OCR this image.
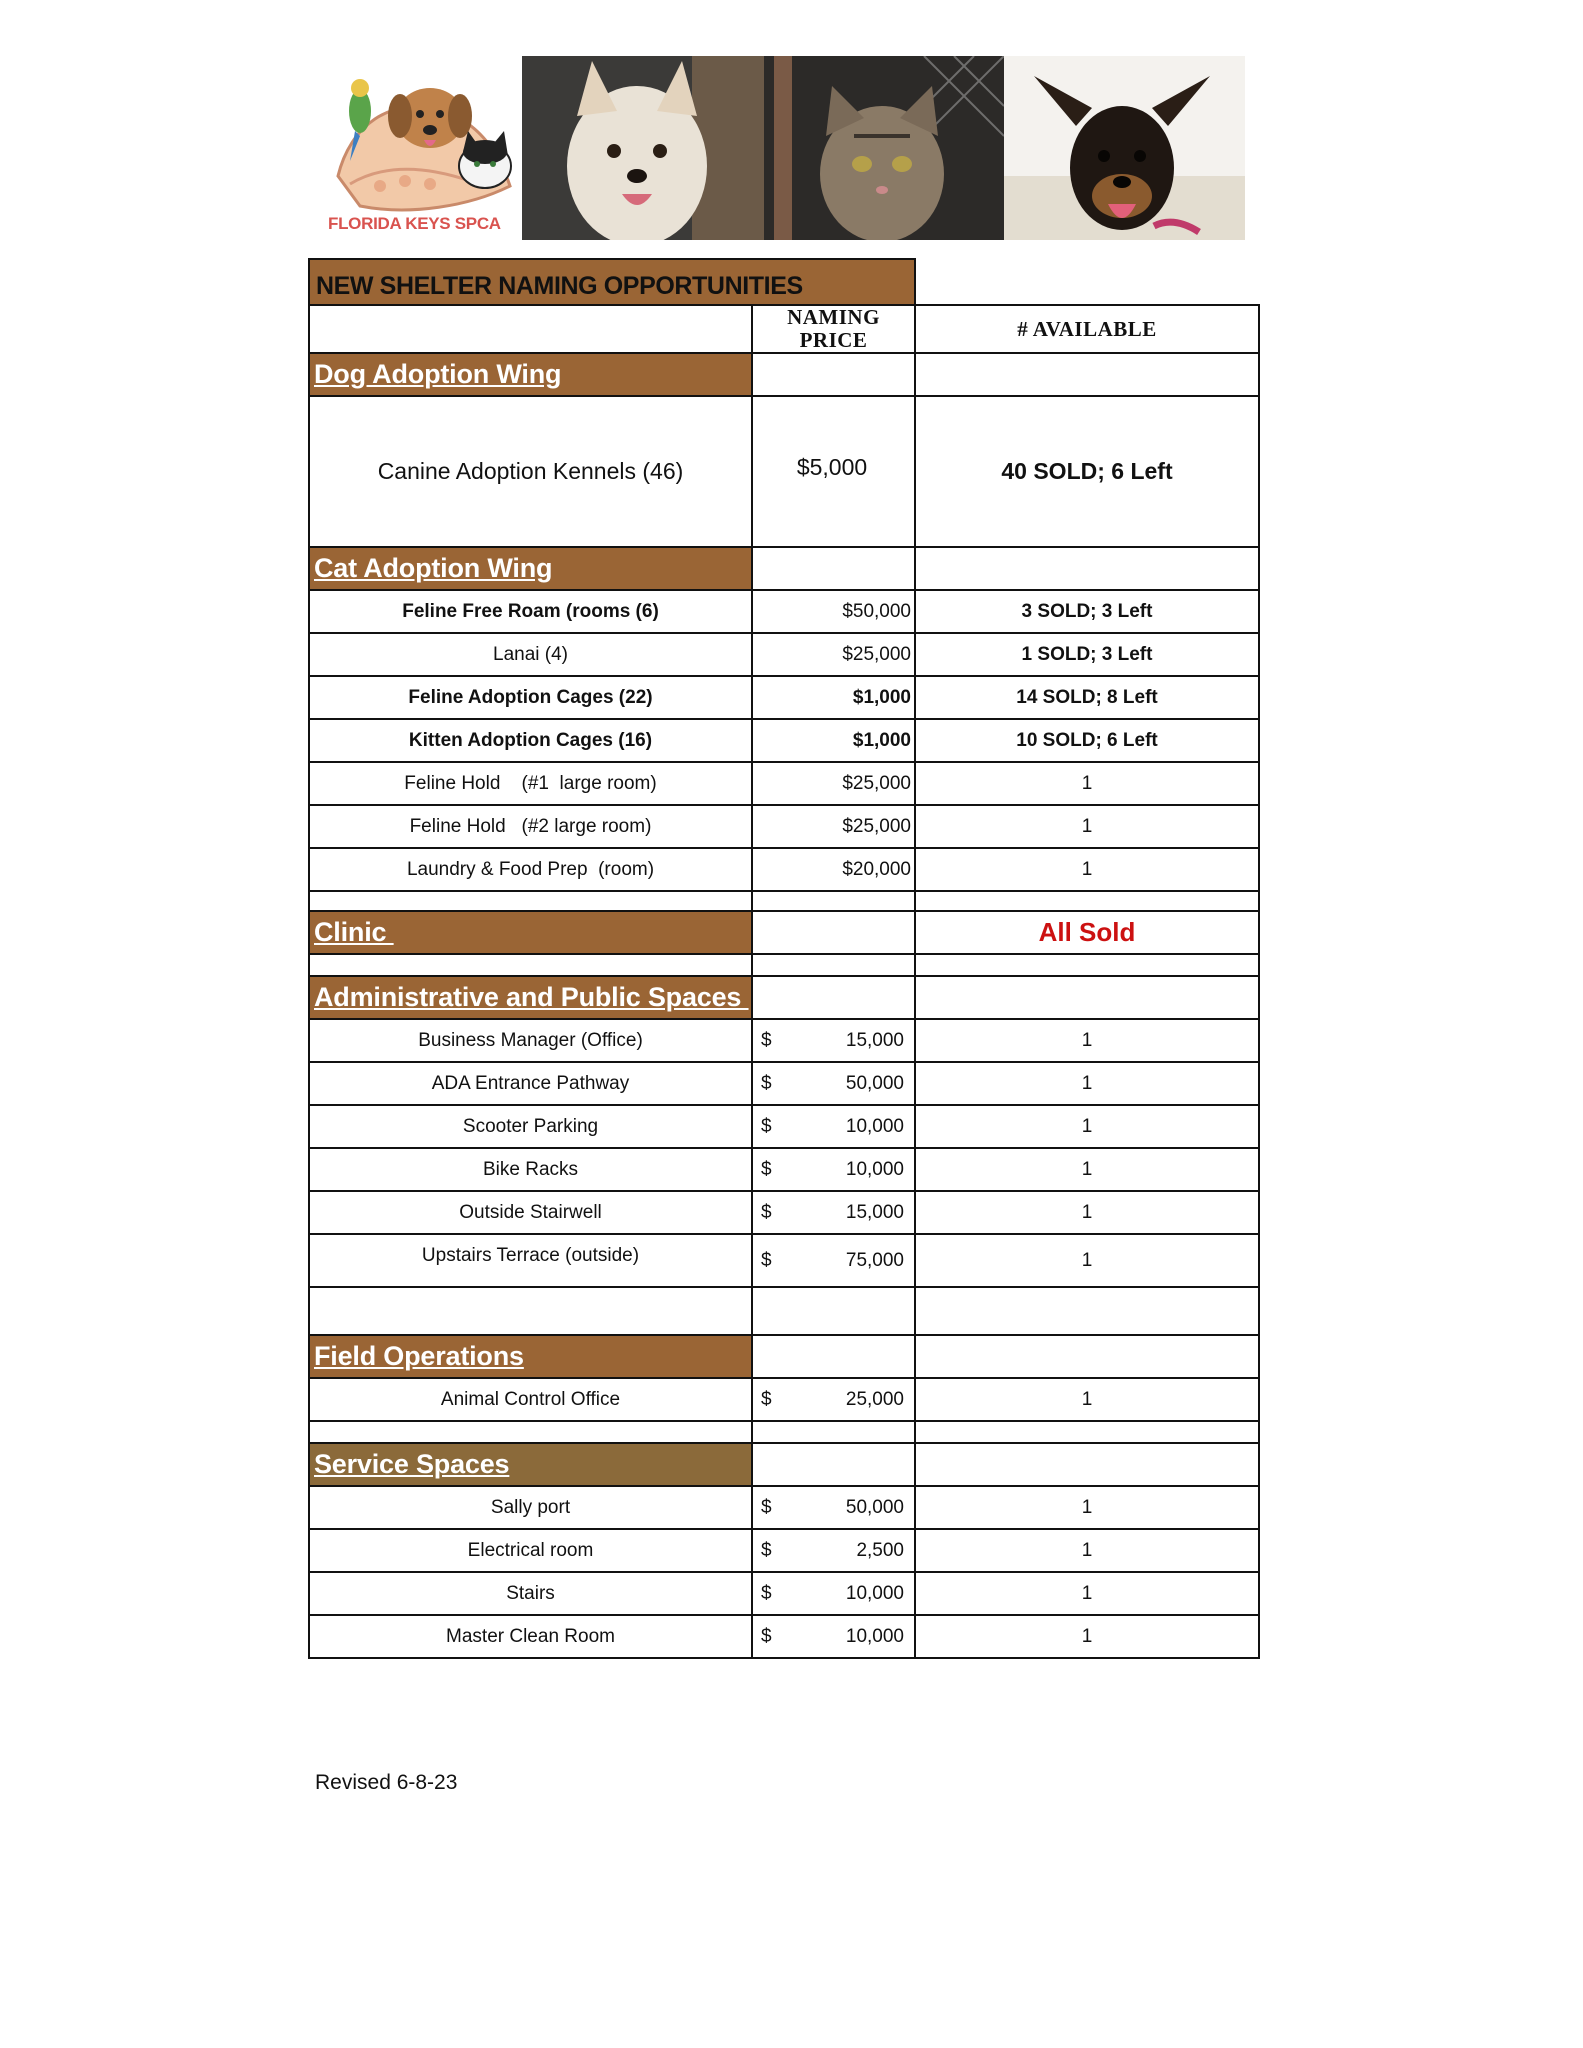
FLORIDA KEYS SPCA
NEW SHELTER NAMING OPPORTUNITIES
	NAMING PRICE	# AVAILABLE
Dog Adoption Wing		
Canine Adoption Kennels (46)	$5,000	40 SOLD; 6 Left
Cat Adoption Wing		
Feline Free Roam (rooms (6)	$50,000	3 SOLD; 3 Left
Lanai (4)	$25,000	1 SOLD; 3 Left
Feline Adoption Cages (22)	$1,000	14 SOLD; 8 Left
Kitten Adoption Cages (16)	$1,000	10 SOLD; 6 Left
Feline Hold    (#1  large room)	$25,000	1
Feline Hold   (#2 large room)	$25,000	1
Laundry & Food Prep  (room)	$20,000	1

Clinic		All Sold

Administrative and Public Spaces		
Business Manager (Office)	$ 15,000	1
ADA Entrance Pathway	$ 50,000	1
Scooter Parking	$ 10,000	1
Bike Racks	$ 10,000	1
Outside Stairwell	$ 15,000	1
Upstairs Terrace (outside)	$ 75,000	1

Field Operations		
Animal Control Office	$ 25,000	1

Service Spaces		
Sally port	$ 50,000	1
Electrical room	$ 2,500	1
Stairs	$ 10,000	1
Master Clean Room	$ 10,000	1
Revised 6-8-23
